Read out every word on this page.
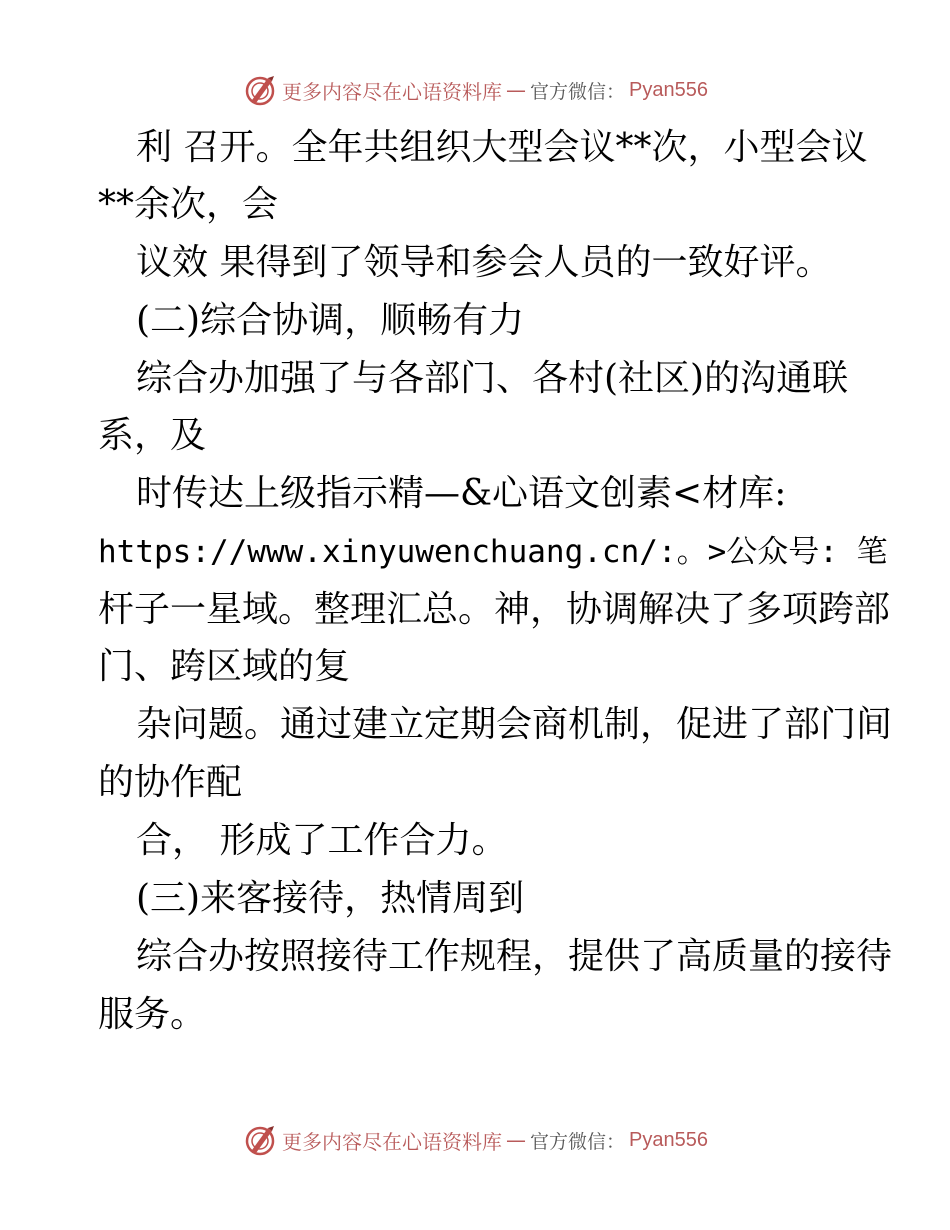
更多内容尽在心语资料库 — 官方微信： Pyan556
利 召开。全年共组织大型会议**次，小型会议
**余次，会
议效 果得到了领导和参会人员的一致好评。
(二)综合协调，顺畅有力
综合办加强了与各部门、各村(社区)的沟通联
系，及
时传达上级指示精—&心语文创素<材库:
https://www.xinyuwenchuang.cn/:。>公众号: 笔
杆子一星域。整理汇总。神，协调解决了多项跨部
门、跨区域的复
杂问题。通过建立定期会商机制，促进了部门间
的协作配
合， 形成了工作合力。
(三)来客接待，热情周到
综合办按照接待工作规程，提供了高质量的接待
服务。
更多内容尽在心语资料库 — 官方微信： Pyan556
